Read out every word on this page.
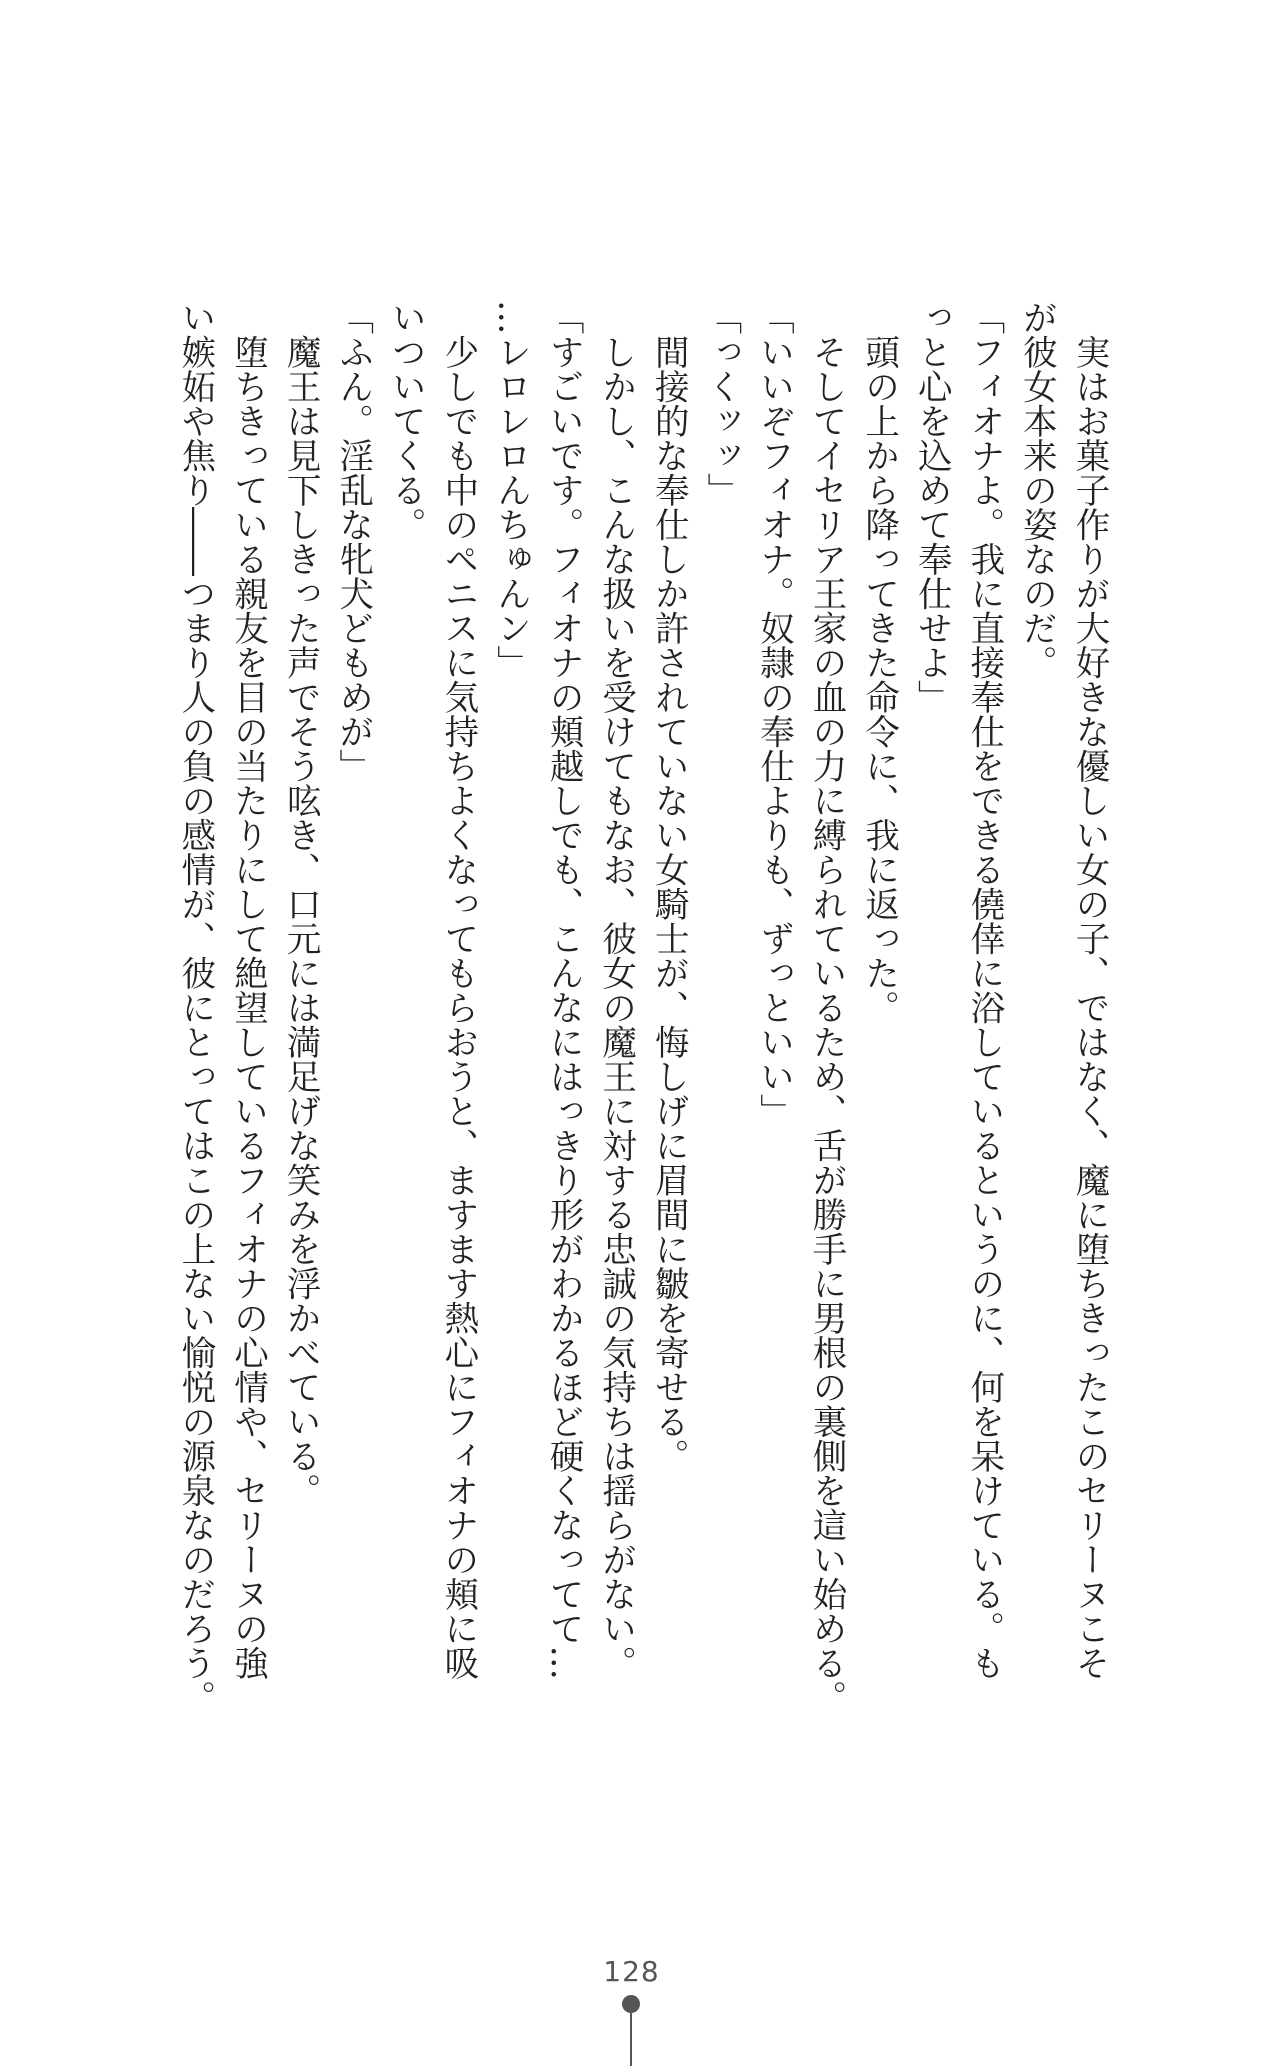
　実はお菓子作りが大好きな優しい女の子、ではなく、魔に堕ちきったこのセリーヌこそ

が彼女本来の姿なのだ。

「フィオナよ。我に直接奉仕をできる僥倖に浴しているというのに、何を呆けている。も

っと心を込めて奉仕せよ」

　頭の上から降ってきた命令に、我に返った。

　そしてイセリア王家の血の力に縛られているため、舌が勝手に男根の裏側を這い始める。

「いいぞフィオナ。奴隷の奉仕よりも、ずっといい」

「っくッッ」

　間接的な奉仕しか許されていない女騎士が、悔しげに眉間に皺を寄せる。

　しかし、こんな扱いを受けてもなお、彼女の魔王に対する忠誠の気持ちは揺らがない。

「すごいです。フィオナの頬越しでも、こんなにはっきり形がわかるほど硬くなってて…

…レロレロんちゅんン」

　少しでも中のペニスに気持ちよくなってもらおうと、ますます熱心にフィオナの頬に吸

いついてくる。

「ふん。淫乱な牝犬どもめが」

　魔王は見下しきった声でそう呟き、口元には満足げな笑みを浮かべている。

　堕ちきっている親友を目の当たりにして絶望しているフィオナの心情や、セリーヌの強

い嫉妬や焦り――つまり人の負の感情が、彼にとってはこの上ない愉悦の源泉なのだろう。

128
